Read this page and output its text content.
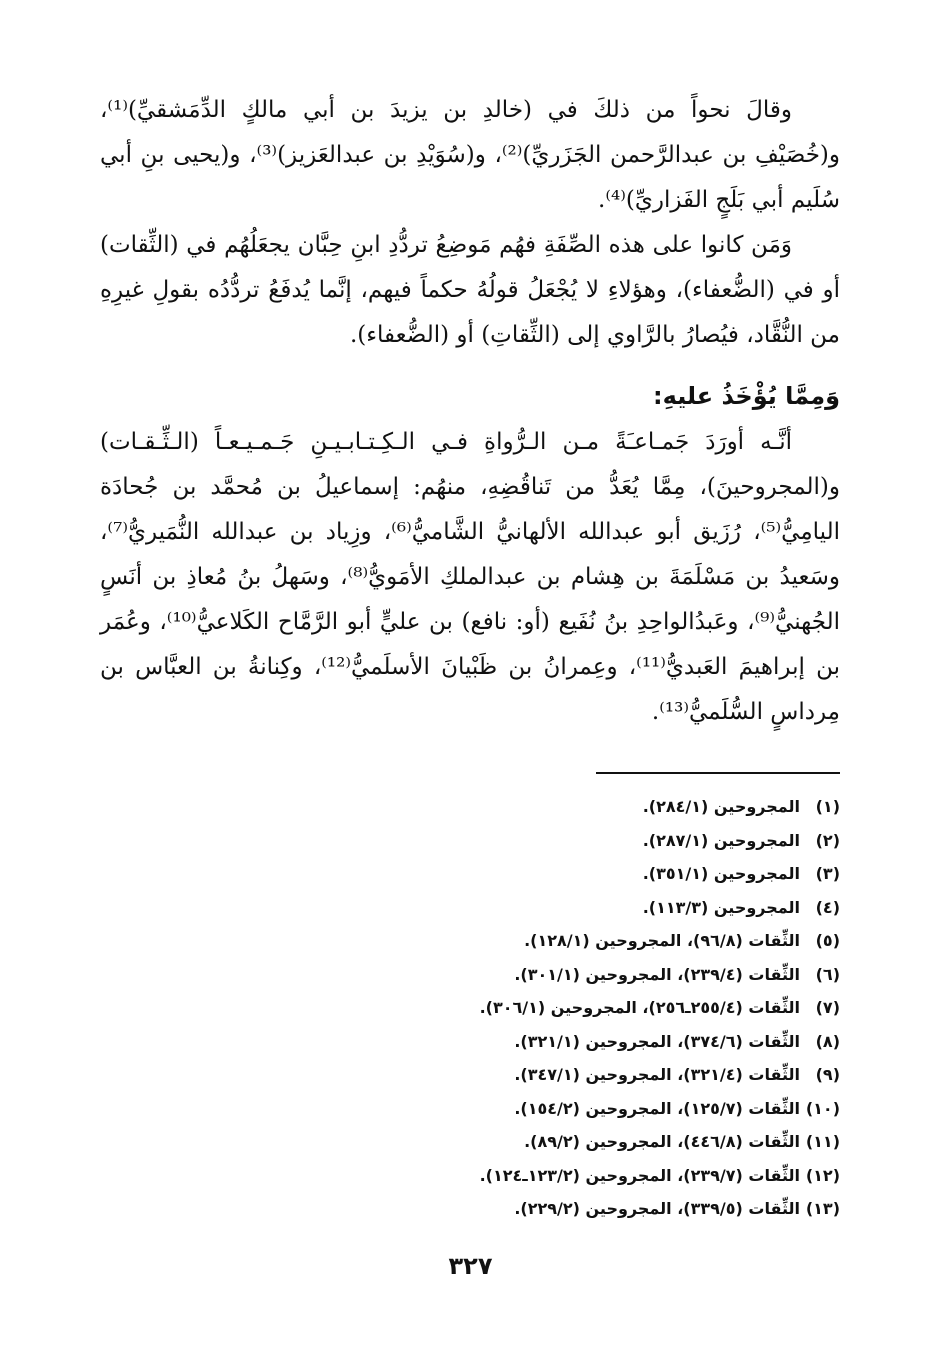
وقالَ نحواً من ذلكَ في (خالدِ بن يزيدَ بن أبي مالكٍ الدِّمَشقيِّ)⁽¹⁾، و(خُصَيْفِ بن عبدالرَّحمن الجَزَريِّ)⁽²⁾، و(سُوَيْدِ بن عبدالعَزيز)⁽³⁾، و(يحيى بنِ أبي سُلَيم أبي بَلَجٍ الفَزاريِّ)⁽⁴⁾.

وَمَن كانوا على هذه الصِّفَةِ فهُم مَوضِعُ تردُّدِ ابنِ حِبَّان يجعَلُهُم في (الثِّقات) أو في (الضُّعفاء)، وهؤلاءِ لا يُجْعَلُ قولُهُ حكماً فيهم، إنَّما يُدفَعُ تردُّدُه بقولِ غيرِهِ من النُّقَّاد، فيُصارُ بالرَّاوي إلى (الثِّقاتِ) أو (الضُّعفاء).

وَمِمَّا يُؤْخَذُ عليهِ:

أنَّـه أورَدَ جَمـاعـَةً مـن الـرُّواةِ فـي الـكِـتـابـيـنِ جَـمـيـعـاً (الـثِّـقـات) و(المجروحينَ)، مِمَّا يُعَدُّ من تَناقُضِهِ، منهُم: إسماعيلُ بن مُحمَّد بن جُحادَة اليامِيُّ⁽⁵⁾، رُزَيق أبو عبدالله الألهانيُّ الشَّاميُّ⁽⁶⁾، وزِياد بن عبدالله النُّمَيريُّ⁽⁷⁾، وسَعيدُ بن مَسْلَمَةَ بن هِشام بن عبدالملكِ الأمَويُّ⁽⁸⁾، وسَهلُ بنُ مُعاذِ بن أنَسٍ الجُهنيُّ⁽⁹⁾، وعَبدُالواحِدِ بنُ نُفَيع (أو: نافع) بن عليٍّ أبو الرَّمَّاح الكَلاعيُّ⁽¹⁰⁾، وعُمَر بن إبراهيمَ العَبديُّ⁽¹¹⁾، وعِمرانُ بن ظَبْيانَ الأسلَميُّ⁽¹²⁾، وكِنانةُ بن العبَّاس بن مِرداسٍ السُّلَميُّ⁽¹³⁾.

(١)المجروحين (٢٨٤/١).
(٢)المجروحين (٢٨٧/١).
(٣)المجروحين (٣٥١/١).
(٤)المجروحين (١١٣/٣).
(٥)الثِّقات (٩٦/٨)، المجروحين (١٢٨/١).
(٦)الثِّقات (٢٣٩/٤)، المجروحين (٣٠١/١).
(٧)الثِّقات (٢٥٥/٤ـ٢٥٦)، المجروحين (٣٠٦/١).
(٨)الثِّقات (٣٧٤/٦)، المجروحين (٣٢١/١).
(٩)الثِّقات (٣٢١/٤)، المجروحين (٣٤٧/١).
(١٠)الثِّقات (١٢٥/٧)، المجروحين (١٥٤/٢).
(١١)الثِّقات (٤٤٦/٨)، المجروحين (٨٩/٢).
(١٢)الثِّقات (٢٣٩/٧)، المجروحين (١٢٣/٢ـ١٢٤).
(١٣)الثِّقات (٣٣٩/٥)، المجروحين (٢٢٩/٢).
٣٢٧
